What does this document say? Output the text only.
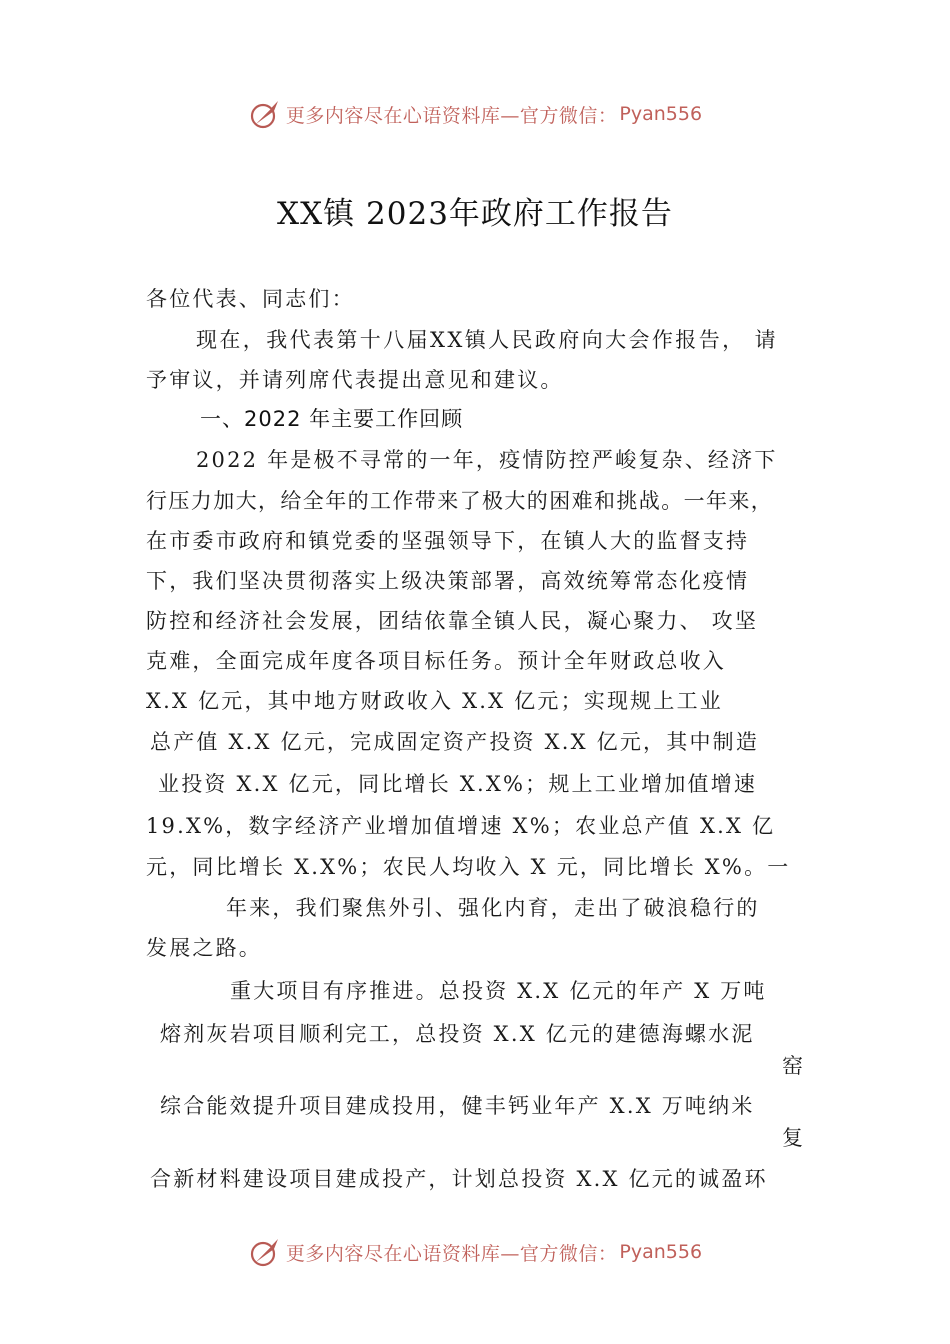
更多内容尽在心语资料库—官方微信： Pyan556
XX镇 2023年政府工作报告
各位代表、同志们：
现在，我代表第十八届XX镇人民政府向大会作报告， 请
予审议，并请列席代表提出意见和建议。
一、2022 年主要工作回顾
2022 年是极不寻常的一年，疫情防控严峻复杂、经济下
行压力加大，给全年的工作带来了极大的困难和挑战。一年来，
在市委市政府和镇党委的坚强领导下，在镇人大的监督支持
下，我们坚决贯彻落实上级决策部署，高效统筹常态化疫情
防控和经济社会发展，团结依靠全镇人民，凝心聚力、 攻坚
克难，全面完成年度各项目标任务。预计全年财政总收入
X.X 亿元，其中地方财政收入 X.X 亿元；实现规上工业
总产值 X.X 亿元，完成固定资产投资 X.X 亿元，其中制造
业投资 X.X 亿元，同比增长 X.X%；规上工业增加值增速
19.X%，数字经济产业增加值增速 X%；农业总产值 X.X 亿
元，同比增长 X.X%；农民人均收入 X 元，同比增长 X%。一
年来，我们聚焦外引、强化内育，走出了破浪稳行的
发展之路。
重大项目有序推进。总投资 X.X 亿元的年产 X 万吨
熔剂灰岩项目顺利完工，总投资 X.X 亿元的建德海螺水泥
窑
综合能效提升项目建成投用，健丰钙业年产 X.X 万吨纳米
复
合新材料建设项目建成投产，计划总投资 X.X 亿元的诚盈环
更多内容尽在心语资料库—官方微信： Pyan556
